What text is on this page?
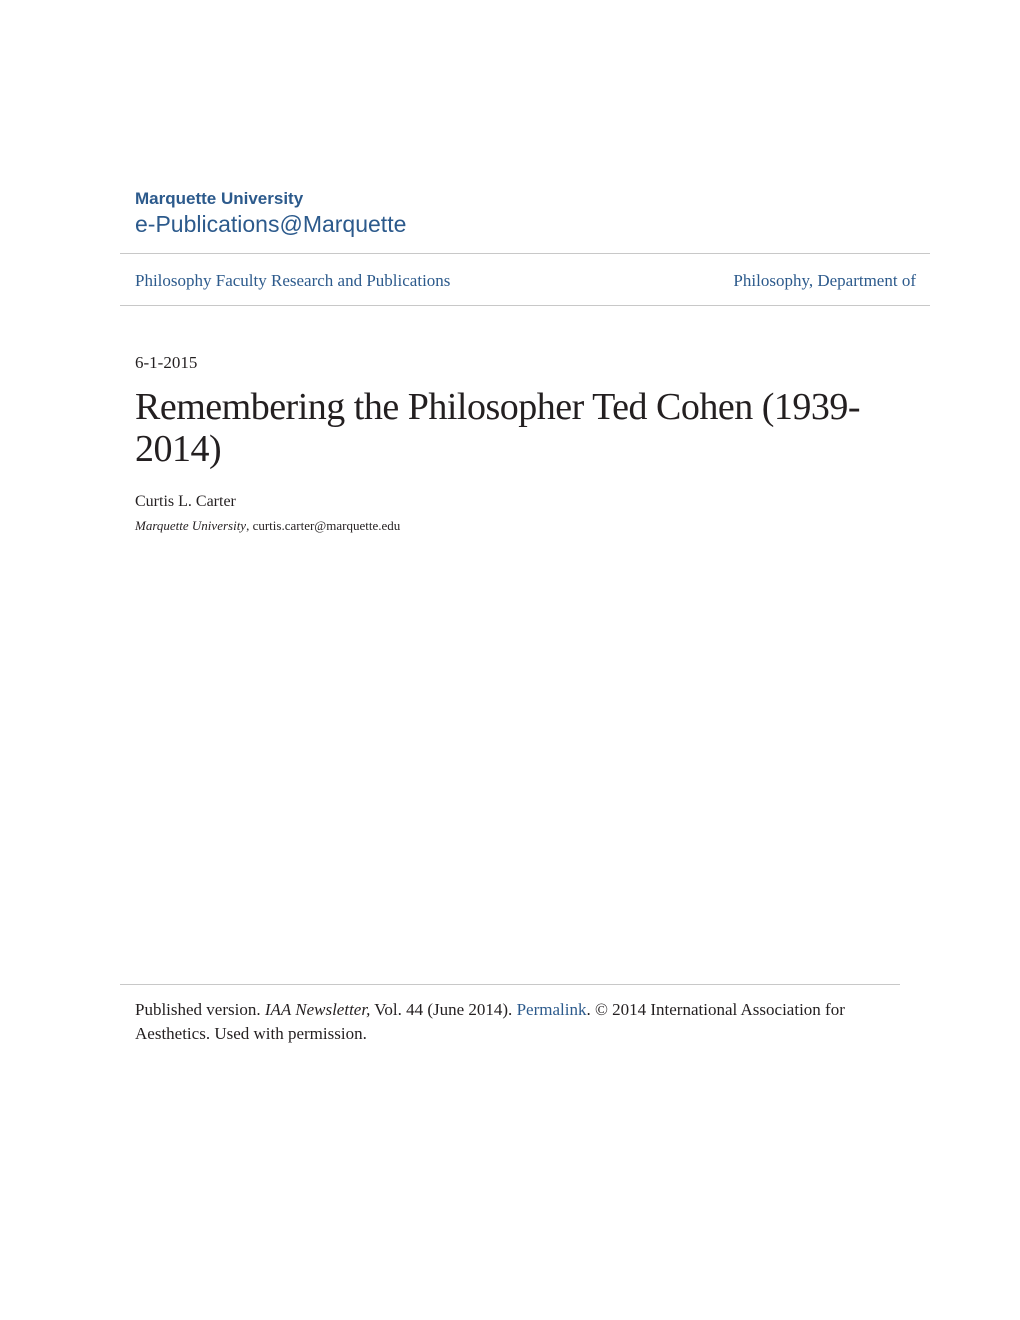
Marquette University
e-Publications@Marquette
Philosophy Faculty Research and Publications	Philosophy, Department of
6-1-2015
Remembering the Philosopher Ted Cohen (1939-2014)
Curtis L. Carter
Marquette University, curtis.carter@marquette.edu

Published version. IAA Newsletter, Vol. 44 (June 2014). Permalink. © 2014 International Association for Aesthetics. Used with permission.
